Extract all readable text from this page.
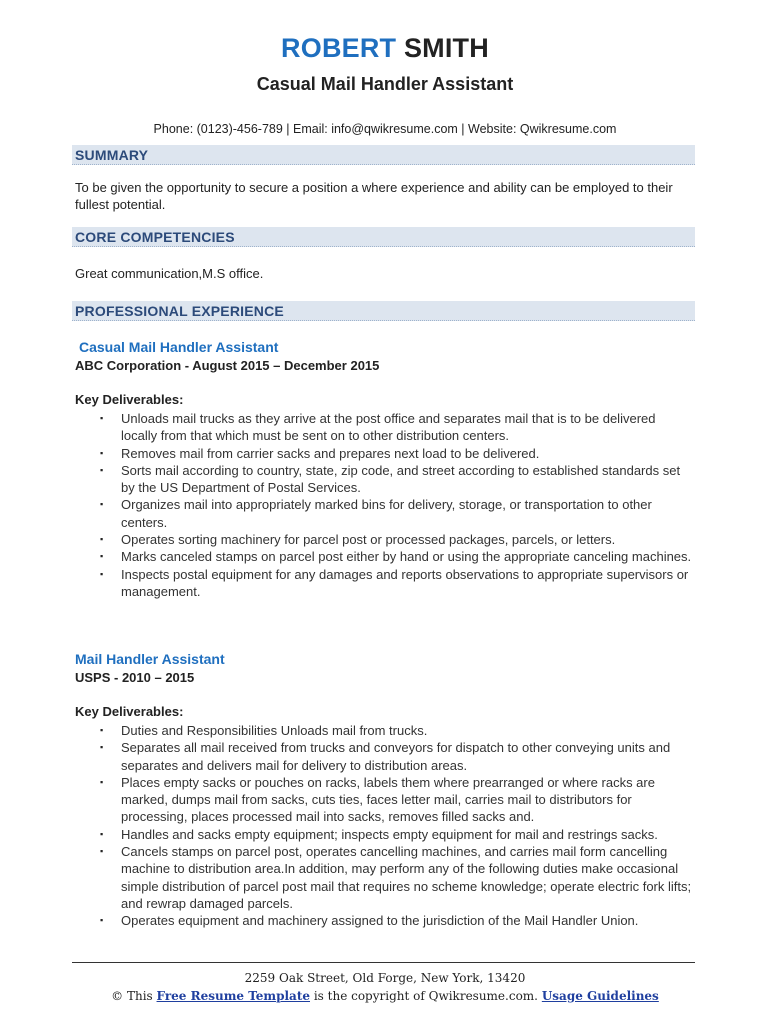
ROBERT SMITH
Casual Mail Handler Assistant
Phone: (0123)-456-789 | Email: info@qwikresume.com | Website: Qwikresume.com
SUMMARY
To be given the opportunity to secure a position a where experience and ability can be employed to their fullest potential.
CORE COMPETENCIES
Great communication,M.S office.
PROFESSIONAL EXPERIENCE
Casual Mail Handler Assistant
ABC Corporation - August 2015 – December 2015
Key Deliverables:
▪ Unloads mail trucks as they arrive at the post office and separates mail that is to be delivered locally from that which must be sent on to other distribution centers.
▪ Removes mail from carrier sacks and prepares next load to be delivered.
▪ Sorts mail according to country, state, zip code, and street according to established standards set by the US Department of Postal Services.
▪ Organizes mail into appropriately marked bins for delivery, storage, or transportation to other centers.
▪ Operates sorting machinery for parcel post or processed packages, parcels, or letters.
▪ Marks canceled stamps on parcel post either by hand or using the appropriate canceling machines.
▪ Inspects postal equipment for any damages and reports observations to appropriate supervisors or management.
Mail Handler Assistant
USPS - 2010 – 2015
Key Deliverables:
▪ Duties and Responsibilities Unloads mail from trucks.
▪ Separates all mail received from trucks and conveyors for dispatch to other conveying units and separates and delivers mail for delivery to distribution areas.
▪ Places empty sacks or pouches on racks, labels them where prearranged or where racks are marked, dumps mail from sacks, cuts ties, faces letter mail, carries mail to distributors for processing, places processed mail into sacks, removes filled sacks and.
▪ Handles and sacks empty equipment; inspects empty equipment for mail and restrings sacks.
▪ Cancels stamps on parcel post, operates cancelling machines, and carries mail form cancelling machine to distribution area.In addition, may perform any of the following duties make occasional simple distribution of parcel post mail that requires no scheme knowledge; operate electric fork lifts; and rewrap damaged parcels.
▪ Operates equipment and machinery assigned to the jurisdiction of the Mail Handler Union.
2259 Oak Street, Old Forge, New York, 13420
© This Free Resume Template is the copyright of Qwikresume.com. Usage Guidelines
